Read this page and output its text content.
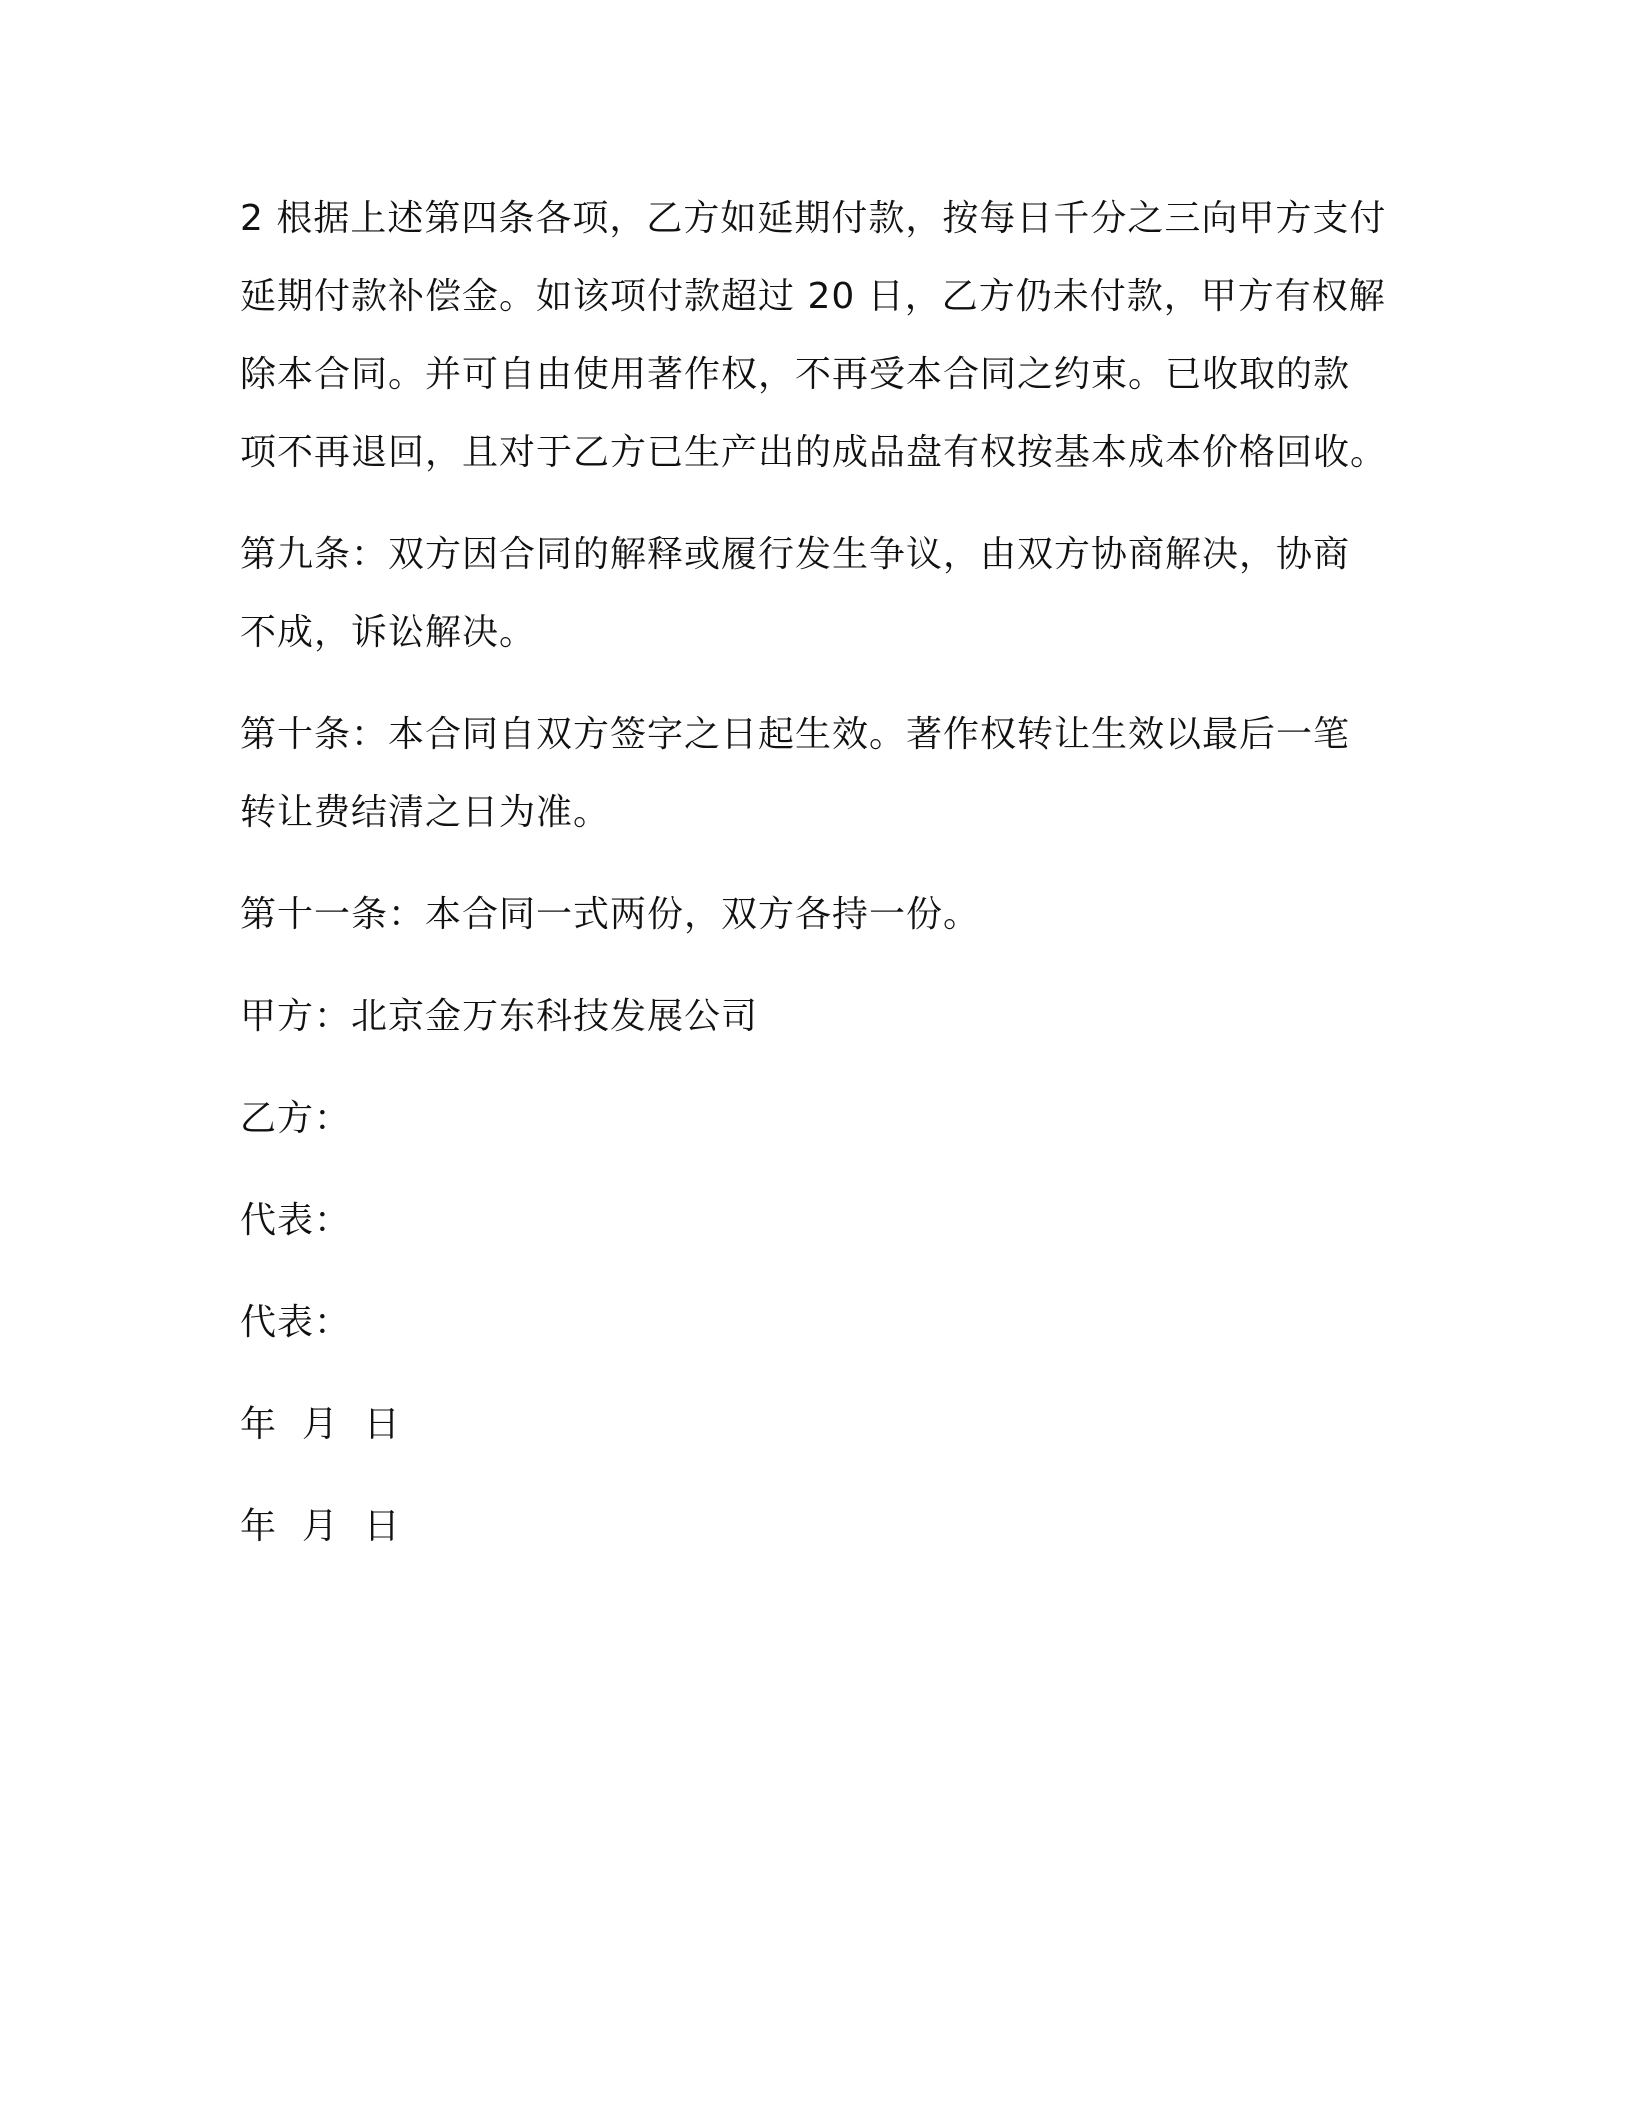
2 根据上述第四条各项，乙方如延期付款，按每日千分之三向甲方支付
延期付款补偿金。如该项付款超过 20 日，乙方仍未付款，甲方有权解
除本合同。并可自由使用著作权，不再受本合同之约束。已收取的款
项不再退回，且对于乙方已生产出的成品盘有权按基本成本价格回收。

第九条：双方因合同的解释或履行发生争议，由双方协商解决，协商
不成，诉讼解决。

第十条：本合同自双方签字之日起生效。著作权转让生效以最后一笔
转让费结清之日为准。

第十一条：本合同一式两份，双方各持一份。

甲方：北京金万东科技发展公司

乙方：

代表：

代表：

年  月  日

年  月  日
